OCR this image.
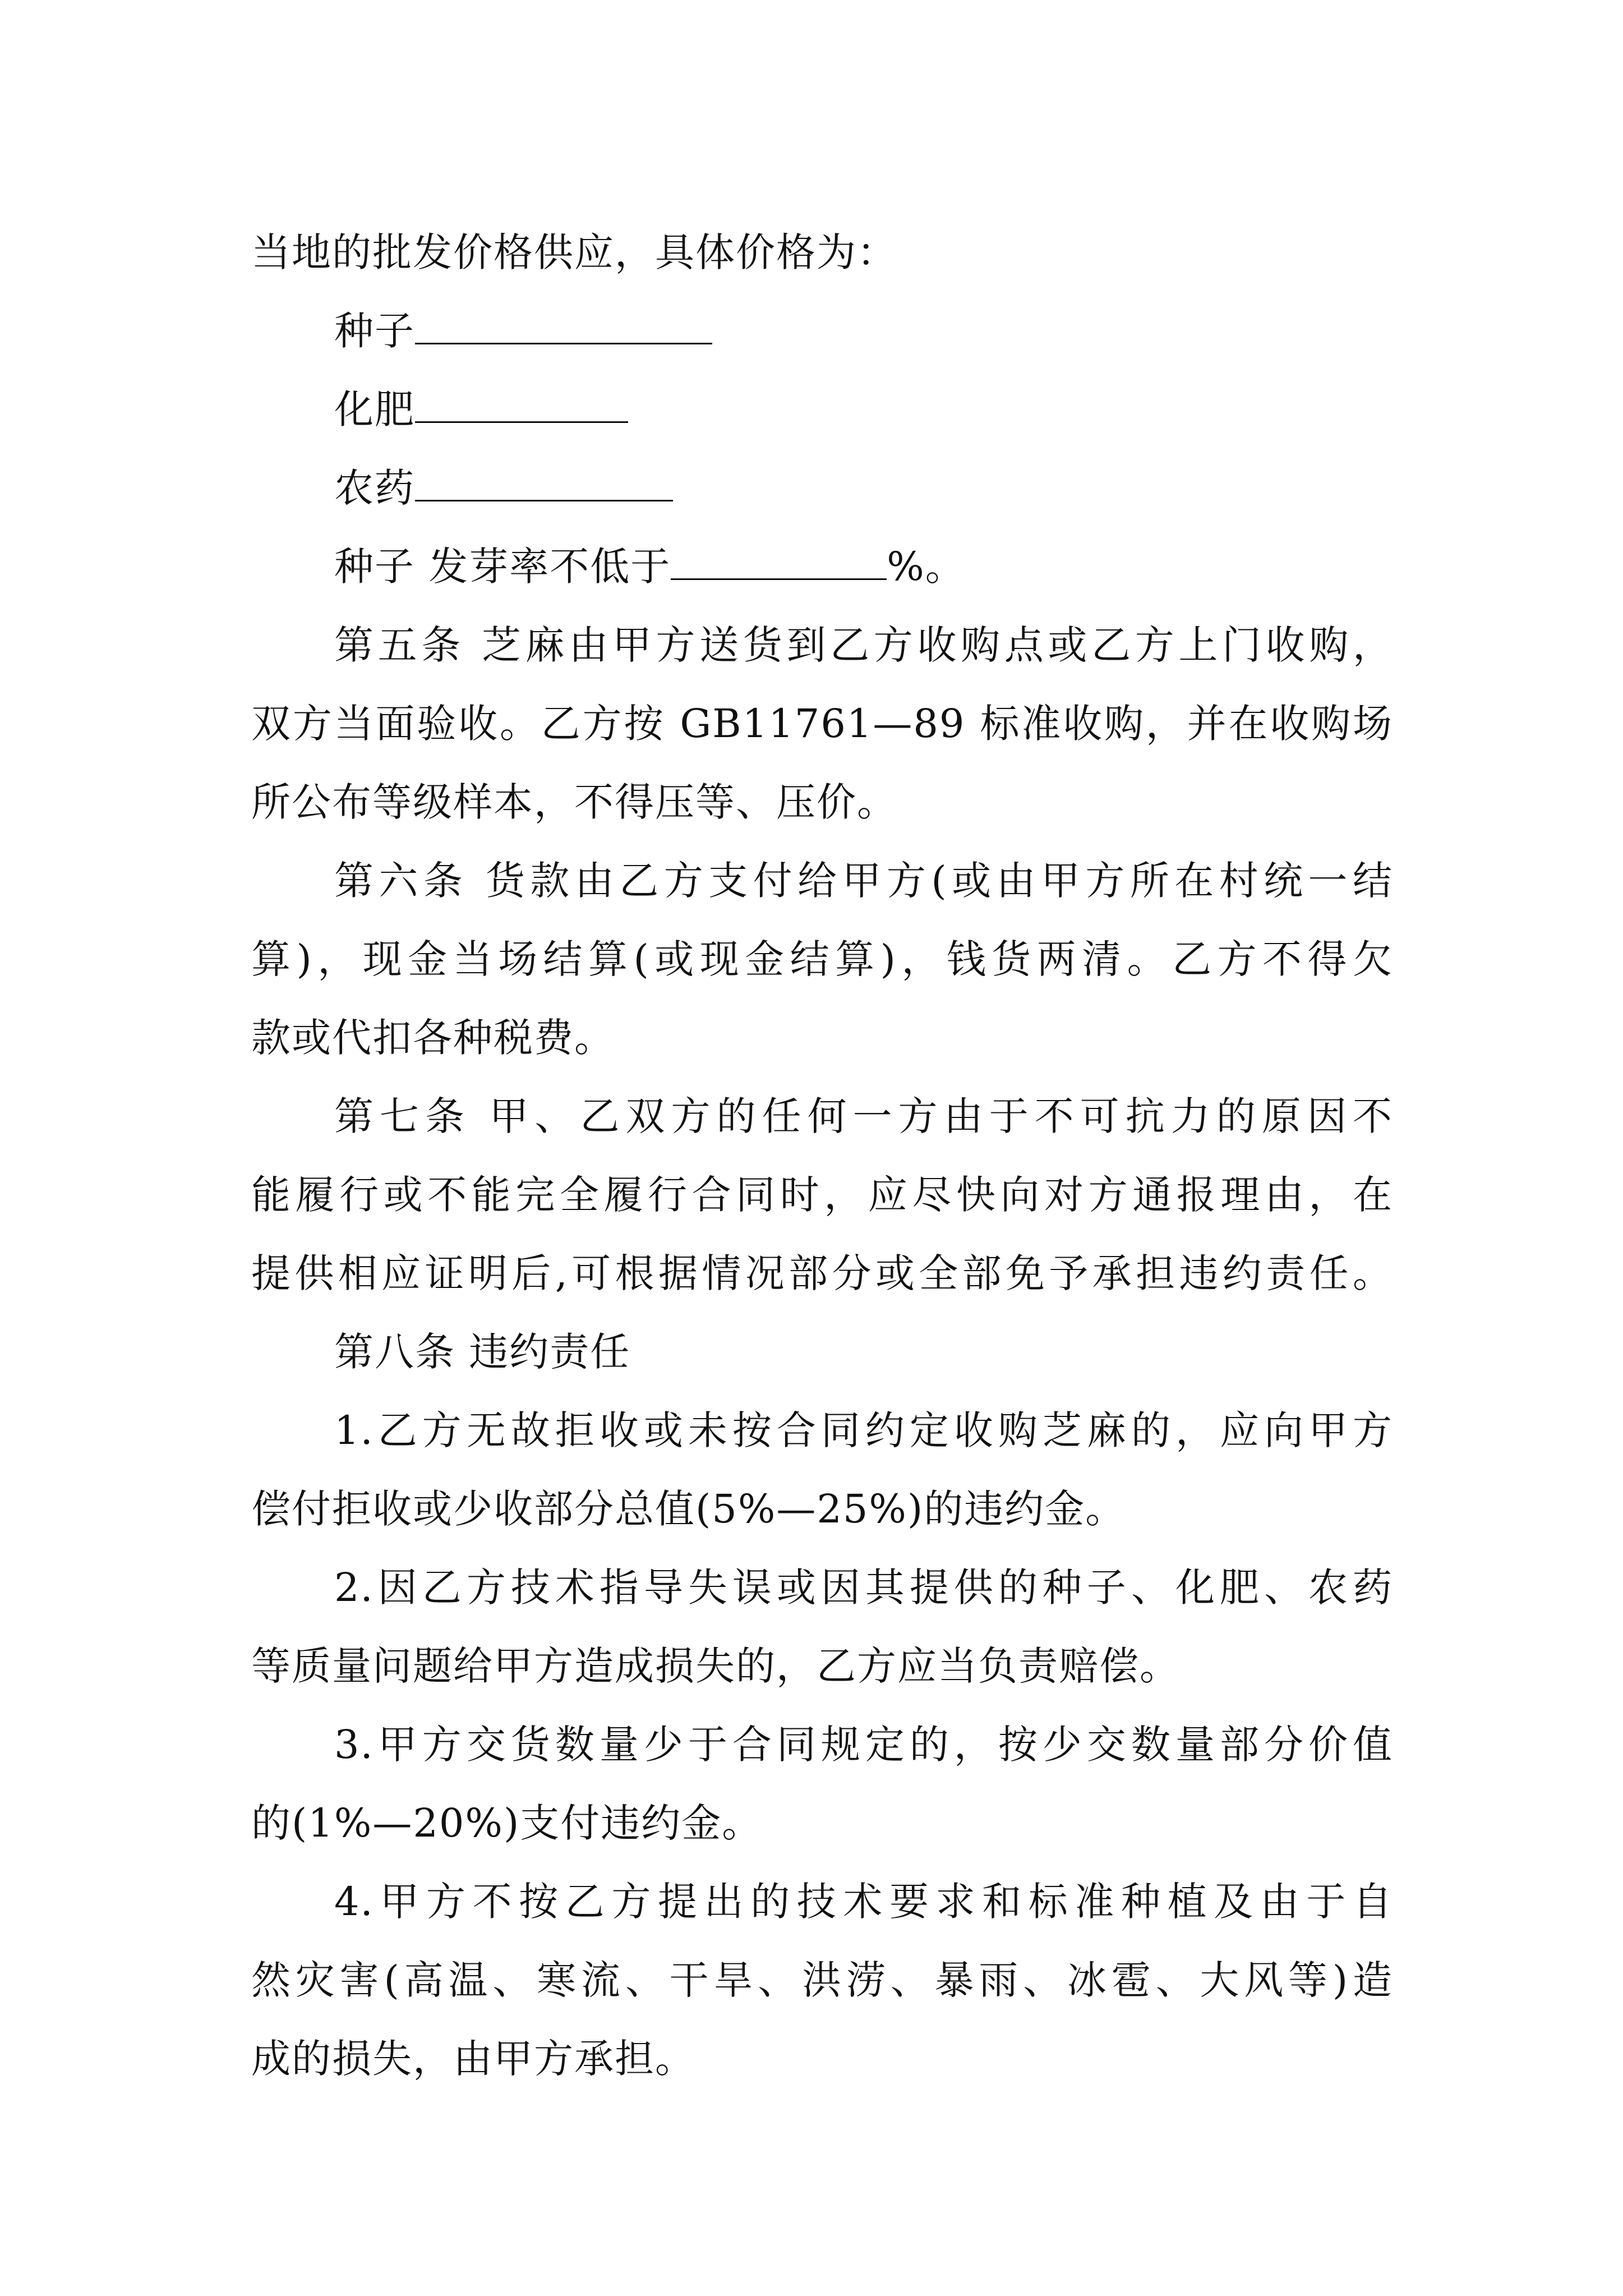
当地的批发价格供应，具体价格为：
种子
化肥
农药
种子 发芽率不低于	%。
第五条 芝麻由甲方送货到乙方收购点或乙方上门收购，
双方当面验收。乙方按 GB11761—89 标准收购，并在收购场
所公布等级样本，不得压等、压价。
第六条 货款由乙方支付给甲方(或由甲方所在村统一结
算)，现金当场结算(或现金结算)，钱货两清。乙方不得欠
款或代扣各种税费。
第七条 甲、乙双方的任何一方由于不可抗力的原因不
能履行或不能完全履行合同时，应尽快向对方通报理由，在
提供相应证明后,可根据情况部分或全部免予承担违约责任。
第八条 违约责任
1.乙方无故拒收或未按合同约定收购芝麻的，应向甲方
偿付拒收或少收部分总值(5%—25%)的违约金。
2.因乙方技术指导失误或因其提供的种子、化肥、农药
等质量问题给甲方造成损失的，乙方应当负责赔偿。
3.甲方交货数量少于合同规定的，按少交数量部分价值
的(1%—20%)支付违约金。
4.甲方不按乙方提出的技术要求和标准种植及由于自
然灾害(高温、寒流、干旱、洪涝、暴雨、冰雹、大风等)造
成的损失，由甲方承担。
